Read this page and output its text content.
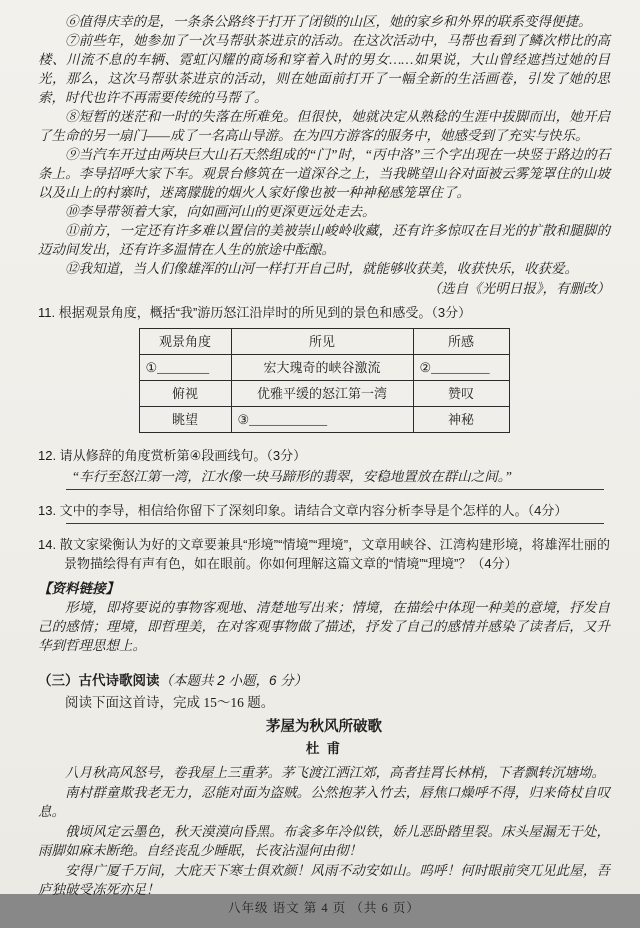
⑥值得庆幸的是，一条条公路终于打开了闭锁的山区，她的家乡和外界的联系变得便捷。

⑦前些年，她参加了一次马帮驮茶进京的活动。在这次活动中，马帮也看到了鳞次栉比的高楼、川流不息的车辆、霓虹闪耀的商场和穿着入时的男女……如果说，大山曾经遮挡过她的目光，那么，这次马帮驮茶进京的活动，则在她面前打开了一幅全新的生活画卷，引发了她的思索，时代也许不再需要传统的马帮了。

⑧短暂的迷茫和一时的失落在所难免。但很快，她就决定从熟稔的生涯中拔脚而出，她开启了生命的另一扇门——成了一名高山导游。在为四方游客的服务中，她感受到了充实与快乐。

⑨当汽车开过由两块巨大山石天然组成的“门”时，“丙中洛”三个字出现在一块竖于路边的石条上。李导招呼大家下车。观景台修筑在一道深谷之上，当我眺望山谷对面被云雾笼罩住的山坡以及山上的村寨时，迷离朦胧的烟火人家好像也被一种神秘感笼罩住了。

⑩李导带领着大家，向如画河山的更深更远处走去。

⑪前方，一定还有许多难以置信的美被崇山峻岭收藏，还有许多惊叹在目光的扩散和腿脚的迈动间发出，还有许多温情在人生的旅途中酝酿。

⑫我知道，当人们像雄浑的山河一样打开自己时，就能够收获美，收获快乐，收获爱。

（选自《光明日报》，有删改）

11. 根据观景角度，概括“我”游历怒江沿岸时的所见到的景色和感受。（3分）
观景角度	所见	所感
①________	宏大瑰奇的峡谷激流	②_________
俯视	优雅平缓的怒江第一湾	赞叹
眺望	③____________	神秘
12. 请从修辞的角度赏析第④段画线句。（3分）

“车行至怒江第一湾，江水像一块马蹄形的翡翠，安稳地置放在群山之间。”

13. 文中的李导，相信给你留下了深刻印象。请结合文章内容分析李导是个怎样的人。（4分）
14. 散文家梁衡认为好的文章要兼具“形境”“情境”“理境”，文章用峡谷、江湾构建形境，将雄浑壮丽的景物描绘得有声有色，如在眼前。你如何理解这篇文章的“情境”“理境”？（4分）

【资料链接】

形境，即将要说的事物客观地、清楚地写出来；情境，在描绘中体现一种美的意境，抒发自己的感情；理境，即哲理美，在对客观事物做了描述，抒发了自己的感情并感染了读者后，又升华到哲理思想上。

（三）古代诗歌阅读（本题共 2 小题，6 分）

阅读下面这首诗，完成 15～16 题。

茅屋为秋风所破歌
杜 甫

八月秋高风怒号，卷我屋上三重茅。茅飞渡江洒江郊，高者挂罥长林梢，下者飘转沉塘坳。

南村群童欺我老无力，忍能对面为盗贼。公然抱茅入竹去，唇焦口燥呼不得，归来倚杖自叹息。

俄顷风定云墨色，秋天漠漠向昏黑。布衾多年冷似铁，娇儿恶卧踏里裂。床头屋漏无干处，雨脚如麻未断绝。自经丧乱少睡眠，长夜沾湿何由彻！

安得广厦千万间，大庇天下寒士俱欢颜！风雨不动安如山。呜呼！何时眼前突兀见此屋，吾庐独破受冻死亦足！

八年级 语文 第 4 页 （共 6 页）
